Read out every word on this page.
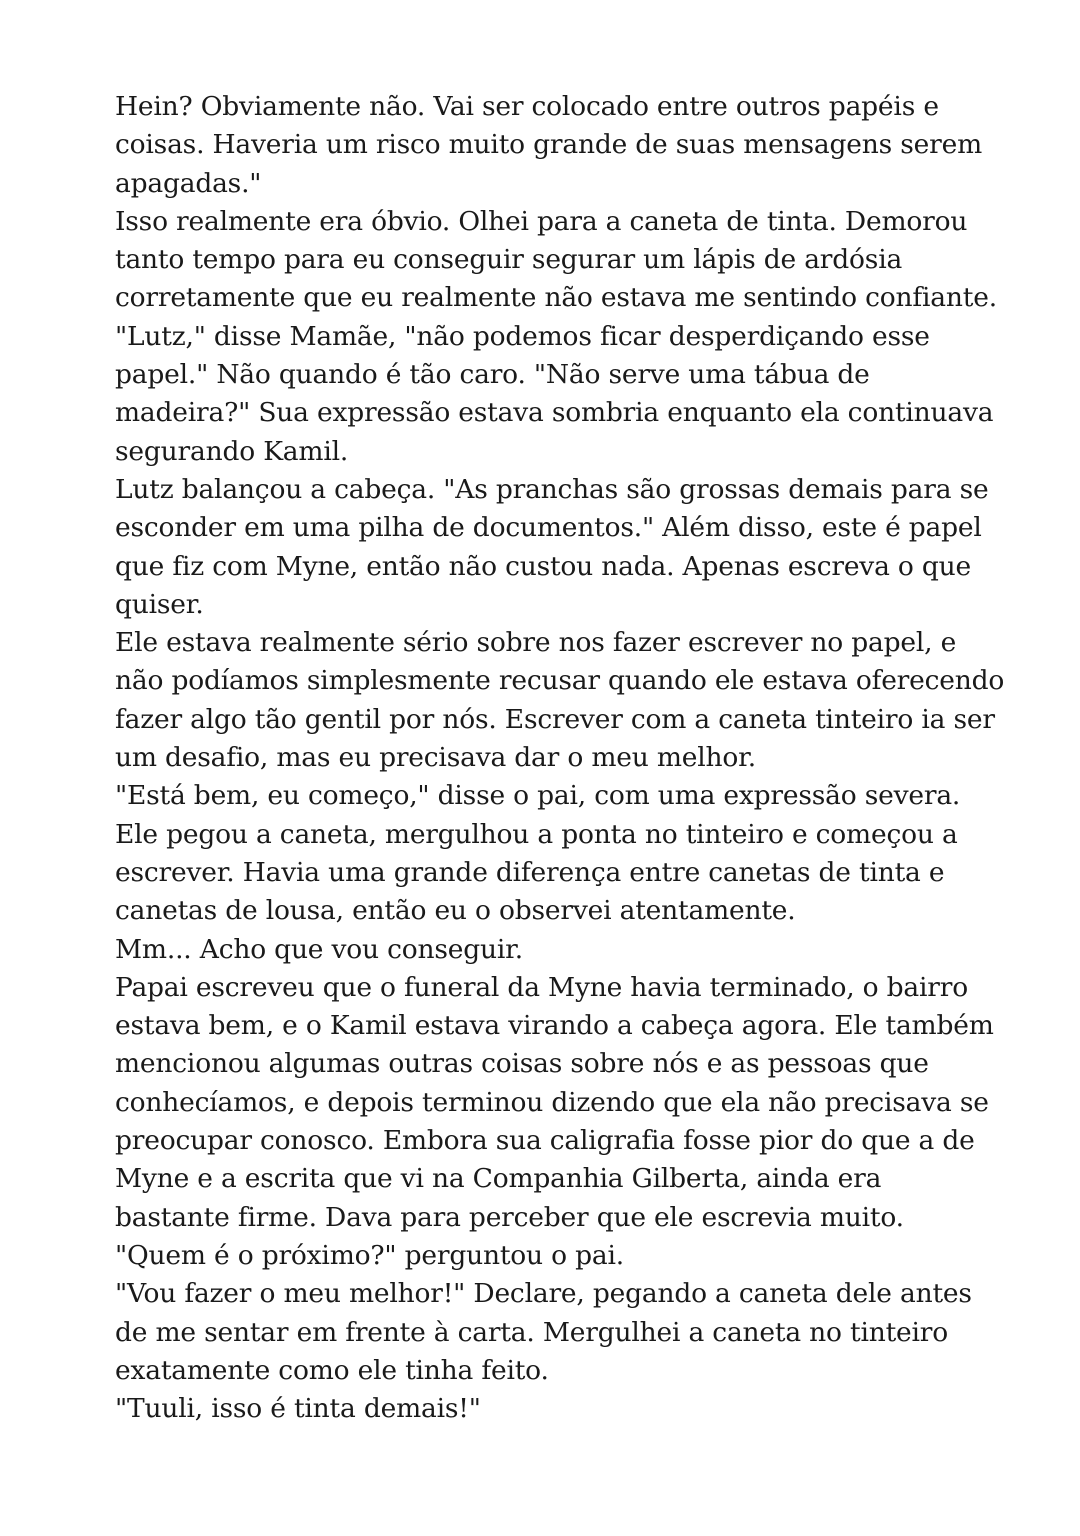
Hein? Obviamente não. Vai ser colocado entre outros papéis e
coisas. Haveria um risco muito grande de suas mensagens serem
apagadas."
Isso realmente era óbvio. Olhei para a caneta de tinta. Demorou
tanto tempo para eu conseguir segurar um lápis de ardósia
corretamente que eu realmente não estava me sentindo confiante.
"Lutz," disse Mamãe, "não podemos ficar desperdiçando esse
papel." Não quando é tão caro. "Não serve uma tábua de
madeira?" Sua expressão estava sombria enquanto ela continuava
segurando Kamil.
Lutz balançou a cabeça. "As pranchas são grossas demais para se
esconder em uma pilha de documentos." Além disso, este é papel
que fiz com Myne, então não custou nada. Apenas escreva o que
quiser.
Ele estava realmente sério sobre nos fazer escrever no papel, e
não podíamos simplesmente recusar quando ele estava oferecendo
fazer algo tão gentil por nós. Escrever com a caneta tinteiro ia ser
um desafio, mas eu precisava dar o meu melhor.
"Está bem, eu começo," disse o pai, com uma expressão severa.
Ele pegou a caneta, mergulhou a ponta no tinteiro e começou a
escrever. Havia uma grande diferença entre canetas de tinta e
canetas de lousa, então eu o observei atentamente.
Mm... Acho que vou conseguir.
Papai escreveu que o funeral da Myne havia terminado, o bairro
estava bem, e o Kamil estava virando a cabeça agora. Ele também
mencionou algumas outras coisas sobre nós e as pessoas que
conhecíamos, e depois terminou dizendo que ela não precisava se
preocupar conosco. Embora sua caligrafia fosse pior do que a de
Myne e a escrita que vi na Companhia Gilberta, ainda era
bastante firme. Dava para perceber que ele escrevia muito.
"Quem é o próximo?" perguntou o pai.
"Vou fazer o meu melhor!" Declare, pegando a caneta dele antes
de me sentar em frente à carta. Mergulhei a caneta no tinteiro
exatamente como ele tinha feito.
"Tuuli, isso é tinta demais!"
